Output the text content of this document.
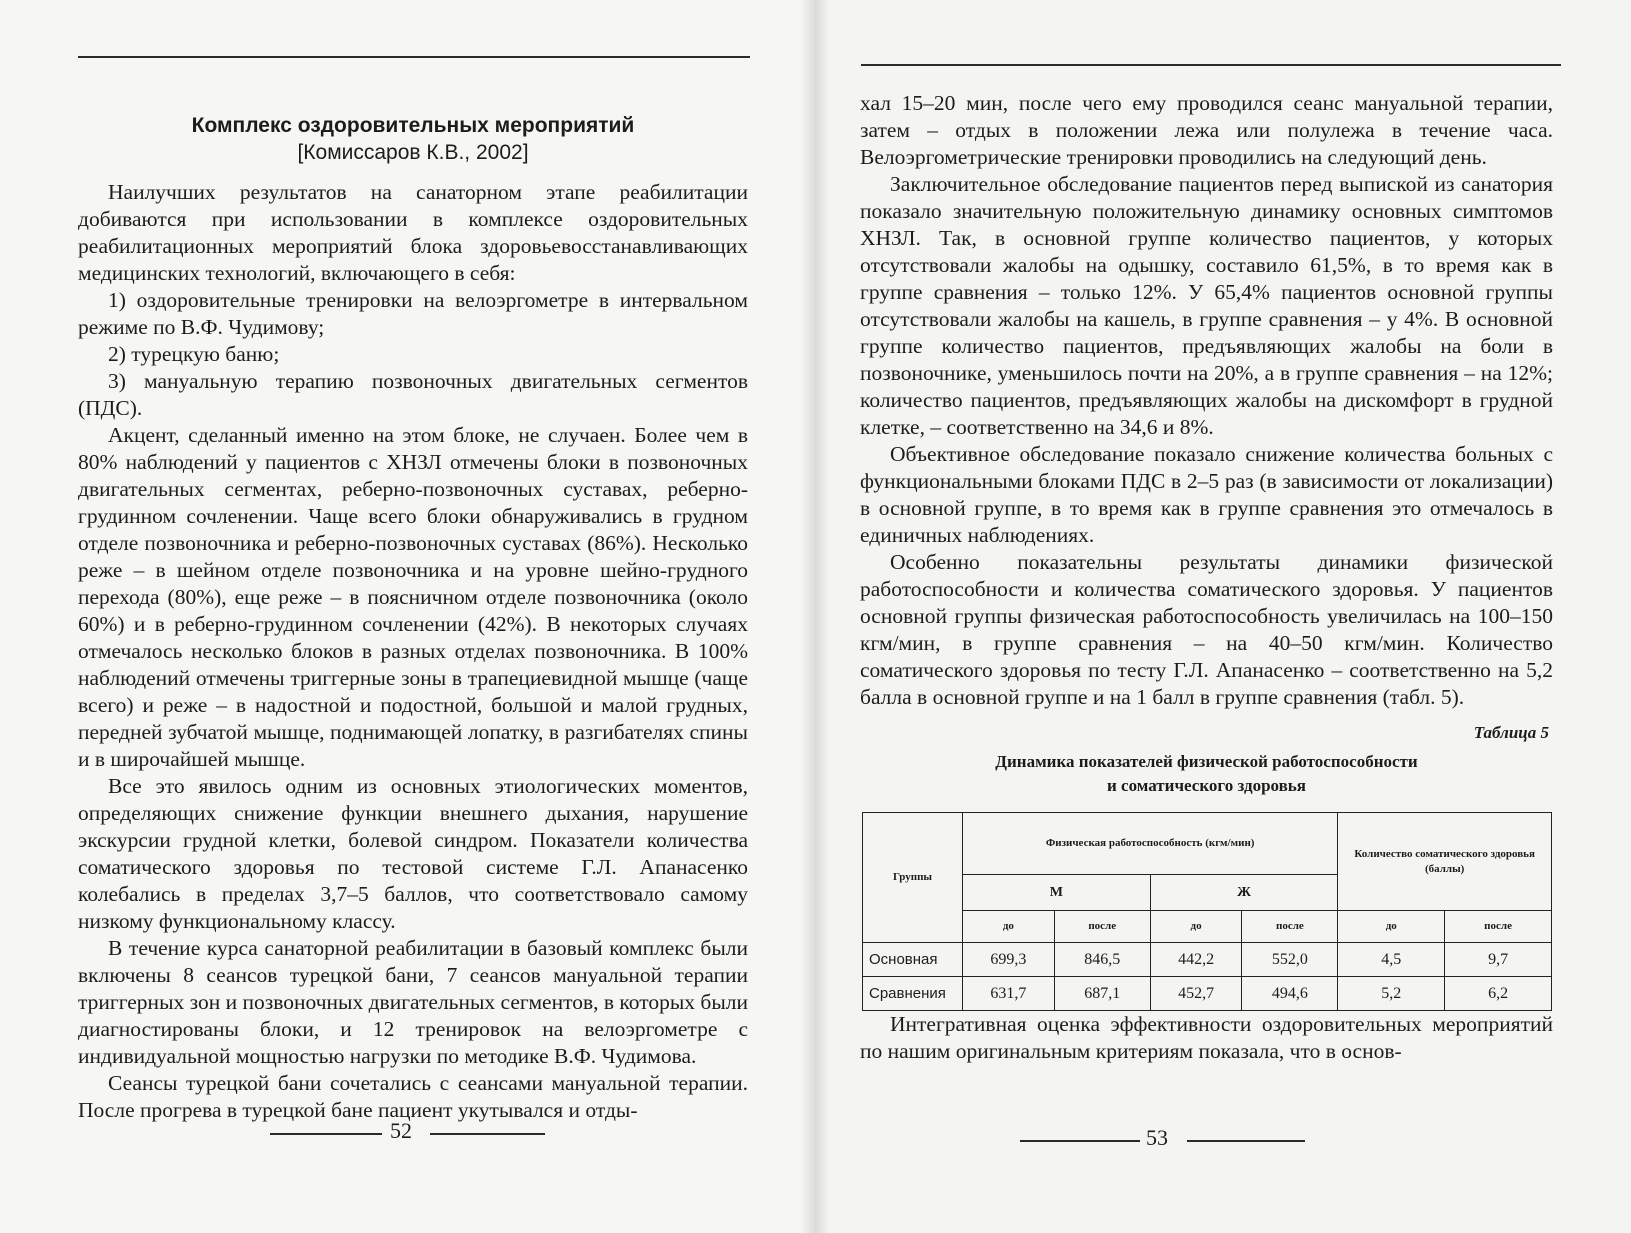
Комплекс оздоровительных мероприятий
[Комиссаров К.В., 2002]

Наилучших результатов на санаторном этапе реабилитации добиваются при использовании в комплексе оздоровительных реабилитационных мероприятий блока здоровьевосстанавливающих медицинских технологий, включающего в себя:

1) оздоровительные тренировки на велоэргометре в интервальном режиме по В.Ф. Чудимову;

2) турецкую баню;

3) мануальную терапию позвоночных двигательных сегментов (ПДС).

Акцент, сделанный именно на этом блоке, не случаен. Более чем в 80% наблюдений у пациентов с ХНЗЛ отмечены блоки в позвоночных двигательных сегментах, реберно-позвоночных суставах, реберно-грудинном сочленении. Чаще всего блоки обнаруживались в грудном отделе позвоночника и реберно-позвоночных суставах (86%). Несколько реже – в шейном отделе позвоночника и на уровне шейно-грудного перехода (80%), еще реже – в поясничном отделе позвоночника (около 60%) и в реберно-грудинном сочленении (42%). В некоторых случаях отмечалось несколько блоков в разных отделах позвоночника. В 100% наблюдений отмечены триггерные зоны в трапециевидной мышце (чаще всего) и реже – в надостной и подостной, большой и малой грудных, передней зубчатой мышце, поднимающей лопатку, в разгибателях спины и в широчайшей мышце.

Все это явилось одним из основных этиологических моментов, определяющих снижение функции внешнего дыхания, нарушение экскурсии грудной клетки, болевой синдром. Показатели количества соматического здоровья по тестовой системе Г.Л. Апанасенко колебались в пределах 3,7–5 баллов, что соответствовало самому низкому функциональному классу.

В течение курса санаторной реабилитации в базовый комплекс были включены 8 сеансов турецкой бани, 7 сеансов мануальной терапии триггерных зон и позвоночных двигательных сегментов, в которых были диагностированы блоки, и 12 тренировок на велоэргометре с индивидуальной мощностью нагрузки по методике В.Ф. Чудимова.

Сеансы турецкой бани сочетались с сеансами мануальной терапии. После прогрева в турецкой бане пациент укутывался и отды-

52

хал 15–20 мин, после чего ему проводился сеанс мануальной терапии, затем – отдых в положении лежа или полулежа в течение часа. Велоэргометрические тренировки проводились на следующий день.

Заключительное обследование пациентов перед выпиской из санатория показало значительную положительную динамику основных симптомов ХНЗЛ. Так, в основной группе количество пациентов, у которых отсутствовали жалобы на одышку, составило 61,5%, в то время как в группе сравнения – только 12%. У 65,4% пациентов основной группы отсутствовали жалобы на кашель, в группе сравнения – у 4%. В основной группе количество пациентов, предъявляющих жалобы на боли в позвоночнике, уменьшилось почти на 20%, а в группе сравнения – на 12%; количество пациентов, предъявляющих жалобы на дискомфорт в грудной клетке, – соответственно на 34,6 и 8%.

Объективное обследование показало снижение количества больных с функциональными блоками ПДС в 2–5 раз (в зависимости от локализации) в основной группе, в то время как в группе сравнения это отмечалось в единичных наблюдениях.

Особенно показательны результаты динамики физической работоспособности и количества соматического здоровья. У пациентов основной группы физическая работоспособность увеличилась на 100–150 кгм/мин, в группе сравнения – на 40–50 кгм/мин. Количество соматического здоровья по тесту Г.Л. Апанасенко – соответственно на 5,2 балла в основной группе и на 1 балл в группе сравнения (табл. 5).

Таблица 5
Динамика показателей физической работоспособности
и соматического здоровья
Группы	Физическая работоспособность (кгм/мин)				Количество соматического здоровья (баллы)	
	М		Ж			
	до	после	до	после	до	после
Основная	699,3	846,5	442,2	552,0	4,5	9,7
Сравнения	631,7	687,1	452,7	494,6	5,2	6,2

Интегративная оценка эффективности оздоровительных мероприятий по нашим оригинальным критериям показала, что в основ-

53
